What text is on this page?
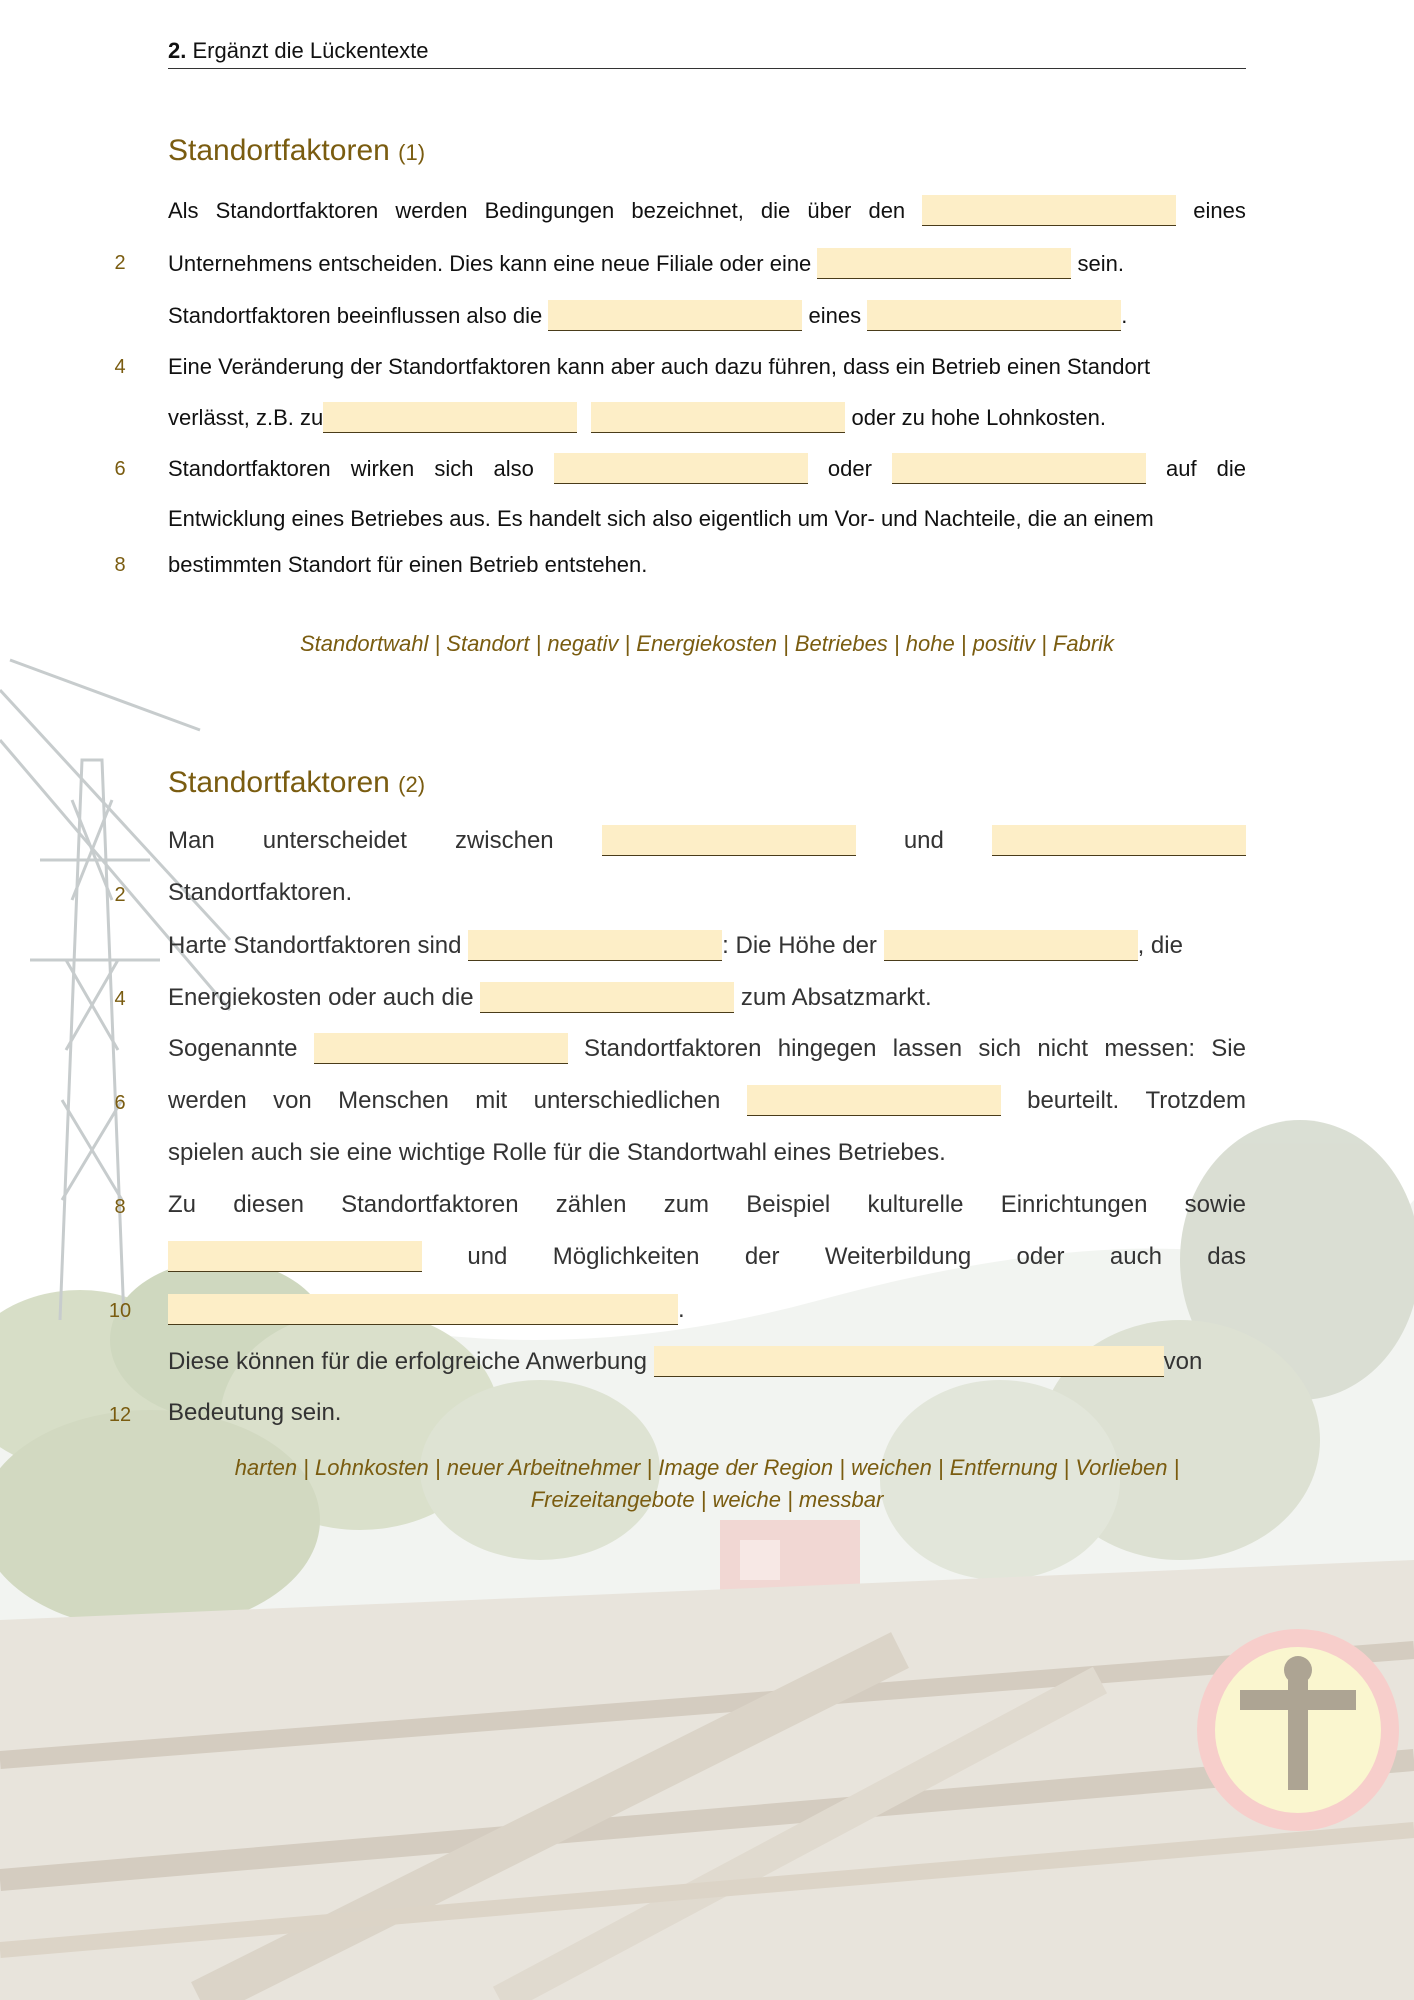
2. Ergänzt die Lückentexte
Standortfaktoren (1)
Als Standortfaktoren werden Bedingungen bezeichnet, die über den	eines
2	Unternehmens entscheiden. Dies kann eine neue Filiale oder eine	sein.
Standortfaktoren beeinflussen also die	eines	.
4	Eine Veränderung der Standortfaktoren kann aber auch dazu führen, dass ein Betrieb einen Standort
verlässt, z.B. zu	oder zu hohe Lohnkosten.
6	Standortfaktoren wirken sich also	oder	auf die
Entwicklung eines Betriebes aus. Es handelt sich also eigentlich um Vor- und Nachteile, die an einem
8	bestimmten Standort für einen Betrieb entstehen.
Standortwahl | Standort | negativ | Energiekosten | Betriebes | hohe | positiv | Fabrik
Standortfaktoren (2)
Man unterscheidet zwischen	und
2	Standortfaktoren.
Harte Standortfaktoren sind	: Die Höhe der	, die
4	Energiekosten oder auch die	zum Absatzmarkt.
Sogenannte	Standortfaktoren hingegen lassen sich nicht messen: Sie
6	werden von Menschen mit unterschiedlichen	beurteilt. Trotzdem
spielen auch sie eine wichtige Rolle für die Standortwahl eines Betriebes.
8	Zu diesen Standortfaktoren zählen zum Beispiel kulturelle Einrichtungen sowie
und Möglichkeiten der Weiterbildung oder auch das
10	.
Diese können für die erfolgreiche Anwerbung	von
12	Bedeutung sein.
harten | Lohnkosten | neuer Arbeitnehmer | Image der Region | weichen | Entfernung | Vorlieben |
Freizeitangebote | weiche | messbar
